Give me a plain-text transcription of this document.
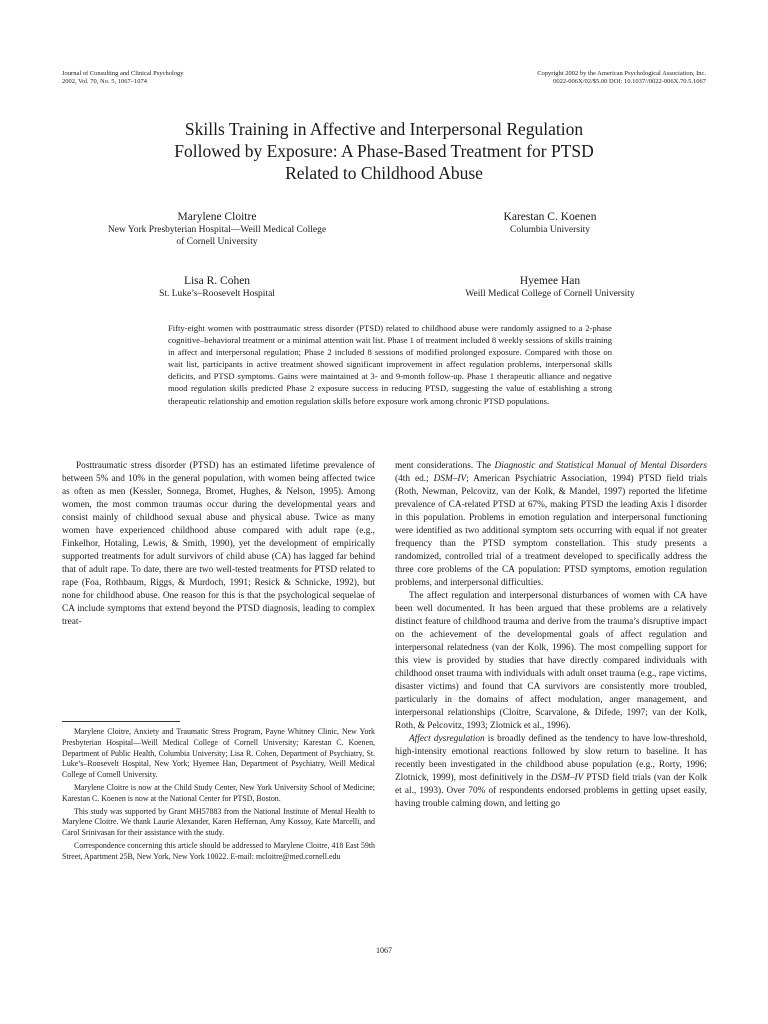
Journal of Consulting and Clinical Psychology
2002, Vol. 70, No. 5, 1067–1074
Copyright 2002 by the American Psychological Association, Inc.
0022-006X/02/$5.00 DOI: 10.1037//0022-006X.70.5.1067
Skills Training in Affective and Interpersonal Regulation
Followed by Exposure: A Phase-Based Treatment for PTSD
Related to Childhood Abuse
Marylene Cloitre
New York Presbyterian Hospital—Weill Medical College
of Cornell University
Karestan C. Koenen
Columbia University
Lisa R. Cohen
St. Luke’s–Roosevelt Hospital
Hyemee Han
Weill Medical College of Cornell University
Fifty-eight women with posttraumatic stress disorder (PTSD) related to childhood abuse were randomly assigned to a 2-phase cognitive–behavioral treatment or a minimal attention wait list. Phase 1 of treatment included 8 weekly sessions of skills training in affect and interpersonal regulation; Phase 2 included 8 sessions of modified prolonged exposure. Compared with those on wait list, participants in active treatment showed significant improvement in affect regulation problems, interpersonal skills deficits, and PTSD symptoms. Gains were maintained at 3- and 9-month follow-up. Phase 1 therapeutic alliance and negative mood regulation skills predicted Phase 2 exposure success in reducing PTSD, suggesting the value of establishing a strong therapeutic relationship and emotion regulation skills before exposure work among chronic PTSD populations.

Posttraumatic stress disorder (PTSD) has an estimated lifetime prevalence of between 5% and 10% in the general population, with women being affected twice as often as men (Kessler, Sonnega, Bromet, Hughes, & Nelson, 1995). Among women, the most common traumas occur during the developmental years and consist mainly of childhood sexual abuse and physical abuse. Twice as many women have experienced childhood abuse compared with adult rape (e.g., Finkelhor, Hotaling, Lewis, & Smith, 1990), yet the development of empirically supported treatments for adult survivors of child abuse (CA) has lagged far behind that of adult rape. To date, there are two well-tested treatments for PTSD related to rape (Foa, Rothbaum, Riggs, & Murdoch, 1991; Resick & Schnicke, 1992), but none for childhood abuse. One reason for this is that the psychological sequelae of CA include symptoms that extend beyond the PTSD diagnosis, leading to complex treat-

ment considerations. The Diagnostic and Statistical Manual of Mental Disorders (4th ed.; DSM–IV; American Psychiatric Association, 1994) PTSD field trials (Roth, Newman, Pelcovitz, van der Kolk, & Mandel, 1997) reported the lifetime prevalence of CA-related PTSD at 67%, making PTSD the leading Axis I disorder in this population. Problems in emotion regulation and interpersonal functioning were identified as two additional symptom sets occurring with equal if not greater frequency than the PTSD symptom constellation. This study presents a randomized, controlled trial of a treatment developed to specifically address the three core problems of the CA population: PTSD symptoms, emotion regulation problems, and interpersonal difficulties.

The affect regulation and interpersonal disturbances of women with CA have been well documented. It has been argued that these problems are a relatively distinct feature of childhood trauma and derive from the trauma’s disruptive impact on the achievement of the developmental goals of affect regulation and interpersonal relatedness (van der Kolk, 1996). The most compelling support for this view is provided by studies that have directly compared individuals with childhood onset trauma with individuals with adult onset trauma (e.g., rape victims, disaster victims) and found that CA survivors are consistently more troubled, particularly in the domains of affect modulation, anger management, and interpersonal relationships (Cloitre, Scarvalone, & Difede, 1997; van der Kolk, Roth, & Pelcovitz, 1993; Zlotnick et al., 1996).

Affect dysregulation is broadly defined as the tendency to have low-threshold, high-intensity emotional reactions followed by slow return to baseline. It has recently been investigated in the childhood abuse population (e.g., Rorty, 1996; Zlotnick, 1999), most definitively in the DSM–IV PTSD field trials (van der Kolk et al., 1993). Over 70% of respondents endorsed problems in getting upset easily, having trouble calming down, and letting go

Marylene Cloitre, Anxiety and Traumatic Stress Program, Payne Whitney Clinic, New York Presbyterian Hospital—Weill Medical College of Cornell University; Karestan C. Koenen, Department of Public Health, Columbia University; Lisa R. Cohen, Department of Psychiatry, St. Luke’s–Roosevelt Hospital, New York; Hyemee Han, Department of Psychiatry, Weill Medical College of Cornell University.

Marylene Cloitre is now at the Child Study Center, New York University School of Medicine; Karestan C. Koenen is now at the National Center for PTSD, Boston.

This study was supported by Grant MH57883 from the National Institute of Mental Health to Marylene Cloitre. We thank Laurie Alexander, Karen Heffernan, Amy Kossoy, Kate Marcelli, and Carol Srinivasan for their assistance with the study.

Correspondence concerning this article should be addressed to Marylene Cloitre, 418 East 59th Street, Apartment 25B, New York, New York 10022. E-mail: mcloitre@med.cornell.edu

1067
